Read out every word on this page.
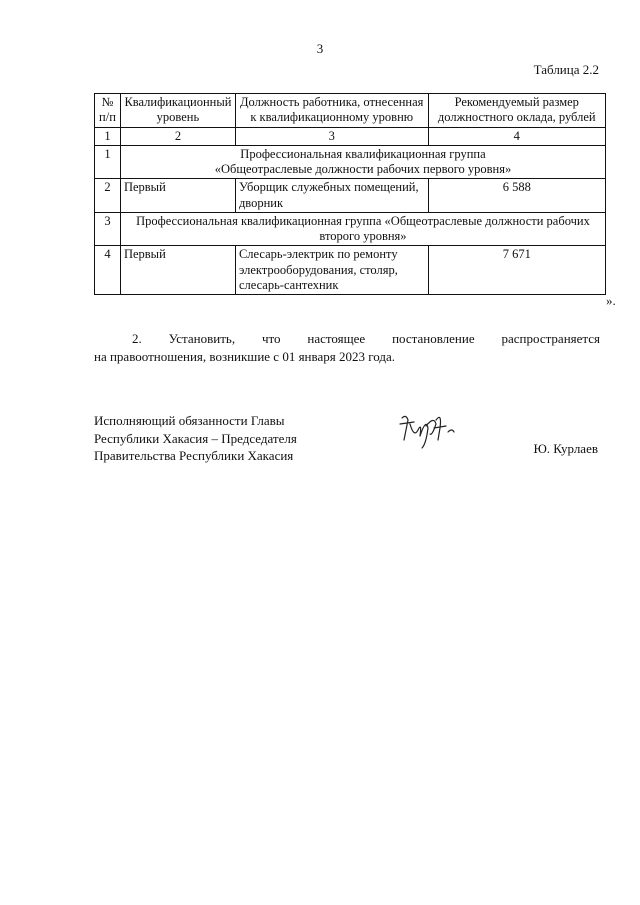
3
Таблица 2.2
№ п/п	Квалификационный уровень	Должность работника, отнесенная к квалификационному уровню	Рекомендуемый размер должностного оклада, рублей
1	2	3	4
1	Профессиональная квалификационная группа
«Общеотраслевые должности рабочих первого уровня»		
2	Первый	Уборщик служебных помещений, дворник	6 588
3	Профессиональная квалификационная группа «Общеотраслевые должности рабочих второго уровня»		
4	Первый	Слесарь-электрик по ремонту электрооборудования, столяр, слесарь-сантехник	7 671
».
2. Установить, что настоящее постановление распространяется
на правоотношения, возникшие с 01 января 2023 года.
Исполняющий обязанности Главы
Республики Хакасия – Председателя
Правительства Республики Хакасия	Ю. Курлаев
